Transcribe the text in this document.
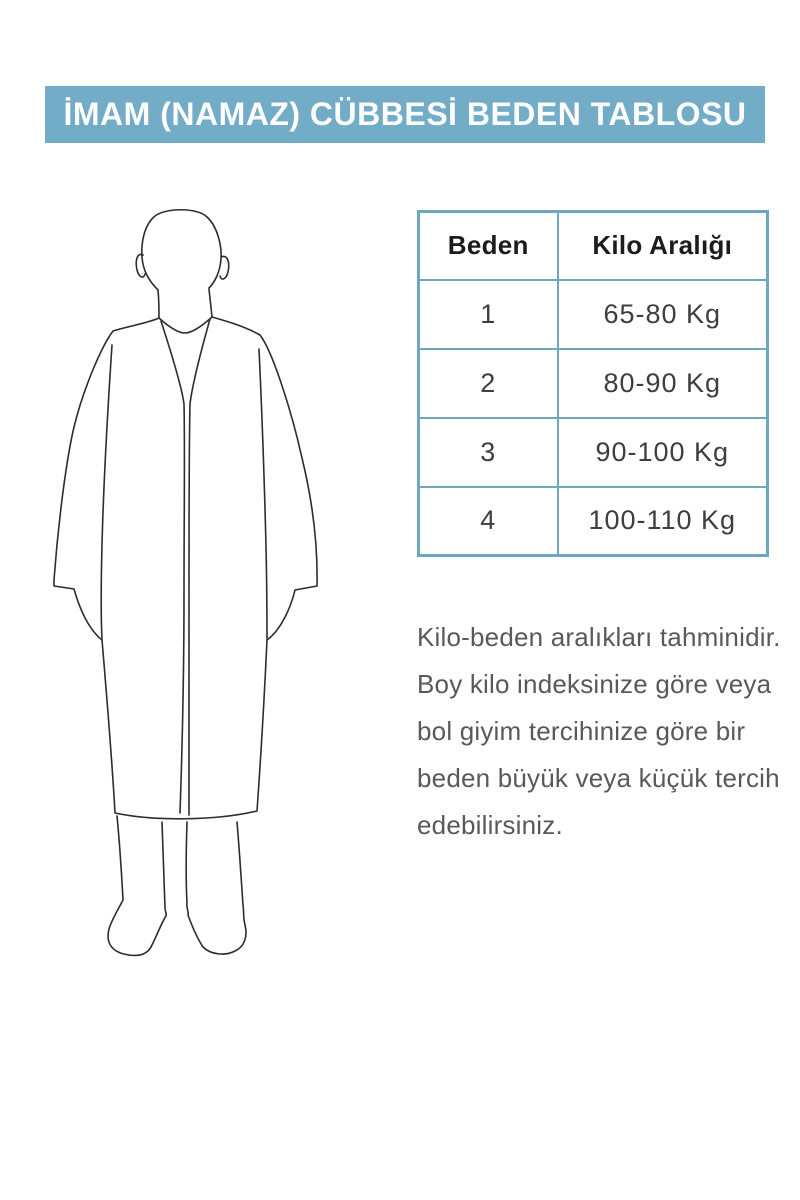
İMAM (NAMAZ) CÜBBESİ BEDEN TABLOSU
Beden	Kilo Aralığı
1	65-80 Kg
2	80-90 Kg
3	90-100 Kg
4	100-110 Kg
Kilo-beden aralıkları tahminidir.
Boy kilo indeksinize göre veya
bol giyim tercihinize göre bir
beden büyük veya küçük tercih
edebilirsiniz.
